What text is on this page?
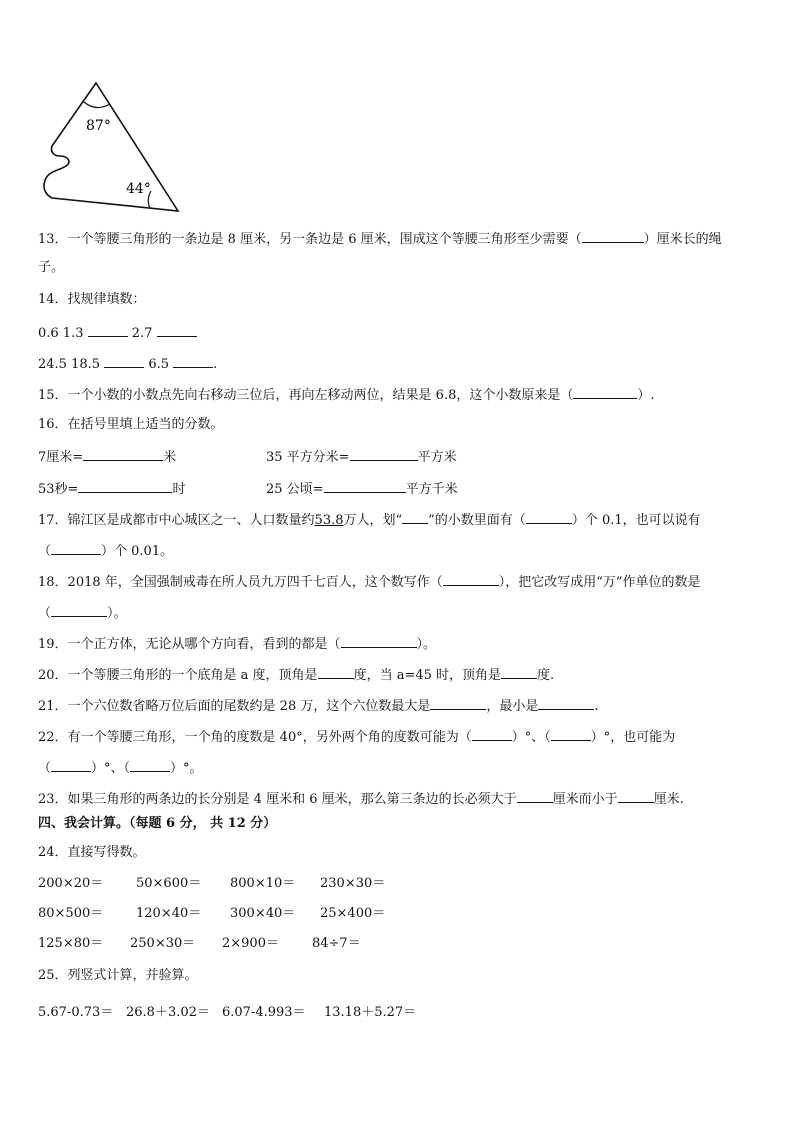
87°
44°
13．一个等腰三角形的一条边是 8 厘米，另一条边是 6 厘米，围成这个等腰三角形至少需要（	）厘米长的绳
子。
14．找规律填数：
0.6 1.3	2.7
24.5 18.5	6.5	.
15．一个小数的小数点先向右移动三位后，再向左移动两位，结果是 6.8，这个小数原来是（	）.
16．在括号里填上适当的分数。
7厘米=	米	35 平方分米=	平方米
53秒=	时	25 公顷=	平方千米
17．锦江区是成都市中心城区之一、人口数量约53.8万人，划“ ”的小数里面有（	）个 0.1，也可以说有
（	）个 0.01。
18．2018 年，全国强制戒毒在所人员九万四千七百人，这个数写作（	），把它改写成用“万”作单位的数是
（	）。
19．一个正方体，无论从哪个方向看，看到的都是（	）。
20．一个等腰三角形的一个底角是 a 度，顶角是	度，当 a=45 时，顶角是	度.
21．一个六位数省略万位后面的尾数约是 28 万，这个六位数最大是	，最小是	.
22．有一个等腰三角形，一个角的度数是 40°，另外两个角的度数可能为（	）°、（	）°，也可能为
（	）°、（	）°。
23．如果三角形的两条边的长分别是 4 厘米和 6 厘米，那么第三条边的长必须大于	厘米而小于	厘米.
四、我会计算。（每题 6 分， 共 12 分）
24．直接写得数。
200×20＝	50×600＝ 800×10＝ 230×30＝
80×500＝	120×40＝ 300×40＝ 25×400＝
125×80＝ 250×30＝ 2×900＝	84÷7＝
25．列竖式计算，并验算。
5.67-0.73＝ 26.8＋3.02＝ 6.07-4.993＝ 13.18＋5.27＝
